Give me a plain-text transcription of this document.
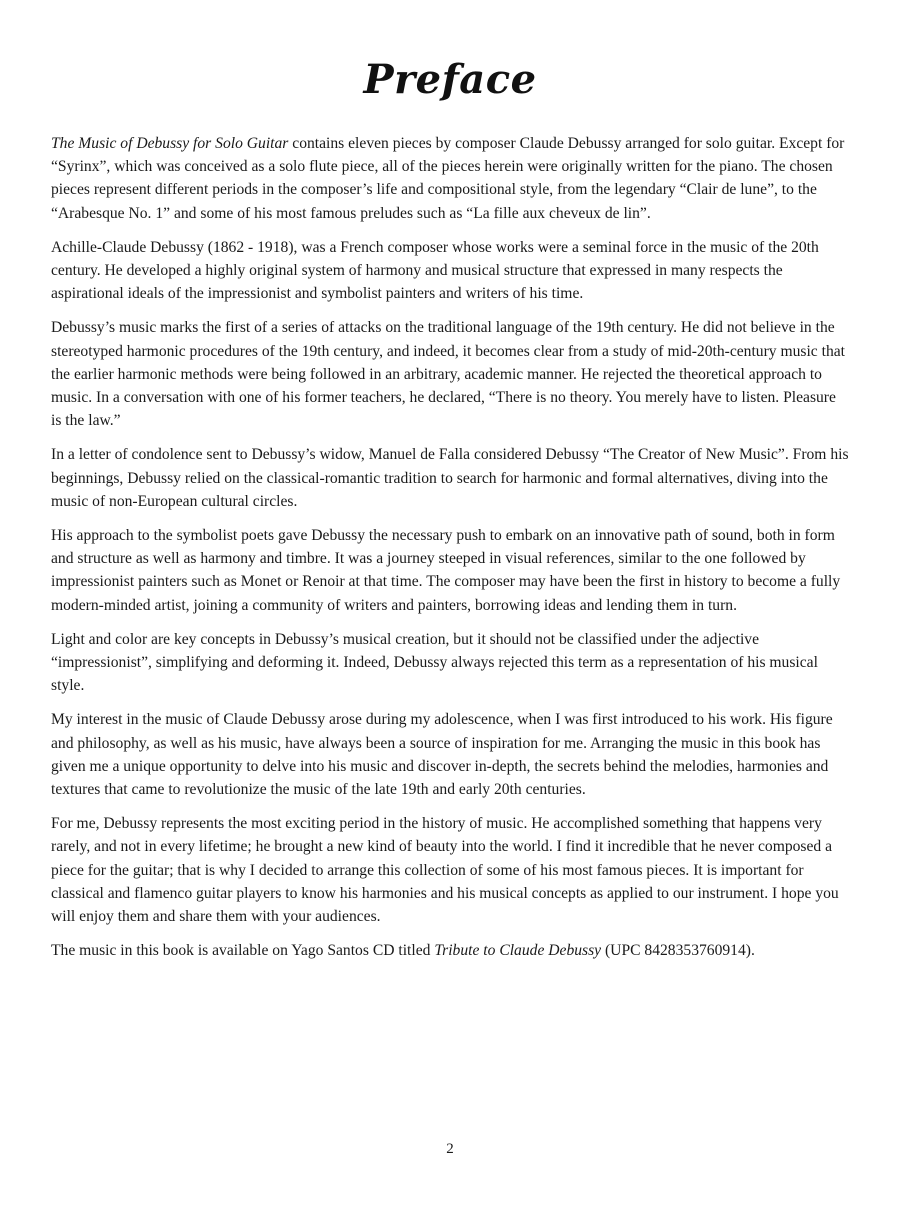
Preface

The Music of Debussy for Solo Guitar contains eleven pieces by composer Claude Debussy arranged for solo guitar. Except for “Syrinx”, which was conceived as a solo flute piece, all of the pieces herein were originally written for the piano. The chosen pieces represent different periods in the composer’s life and compositional style, from the legendary “Clair de lune”, to the “Arabesque No. 1” and some of his most famous preludes such as “La fille aux cheveux de lin”.

Achille-Claude Debussy (1862 - 1918), was a French composer whose works were a seminal force in the music of the 20th century. He developed a highly original system of harmony and musical structure that expressed in many respects the aspirational ideals of the impressionist and symbolist painters and writers of his time.

Debussy’s music marks the first of a series of attacks on the traditional language of the 19th century. He did not believe in the stereotyped harmonic procedures of the 19th century, and indeed, it becomes clear from a study of mid-20th-century music that the earlier harmonic methods were being followed in an arbitrary, academic manner. He rejected the theoretical approach to music. In a conversation with one of his former teachers, he declared, “There is no theory. You merely have to listen. Pleasure is the law.”

In a letter of condolence sent to Debussy’s widow, Manuel de Falla considered Debussy “The Creator of New Music”. From his beginnings, Debussy relied on the classical-romantic tradition to search for harmonic and formal alternatives, diving into the music of non-European cultural circles.

His approach to the symbolist poets gave Debussy the necessary push to embark on an innovative path of sound, both in form and structure as well as harmony and timbre. It was a journey steeped in visual references, similar to the one followed by impressionist painters such as Monet or Renoir at that time. The composer may have been the first in history to become a fully modern-minded artist, joining a community of writers and painters, borrowing ideas and lending them in turn.

Light and color are key concepts in Debussy’s musical creation, but it should not be classified under the adjective “impressionist”, simplifying and deforming it. Indeed, Debussy always rejected this term as a representation of his musical style.

My interest in the music of Claude Debussy arose during my adolescence, when I was first introduced to his work. His figure and philosophy, as well as his music, have always been a source of inspiration for me. Arranging the music in this book has given me a unique opportunity to delve into his music and discover in-depth, the secrets behind the melodies, harmonies and textures that came to revolutionize the music of the late 19th and early 20th centuries.

For me, Debussy represents the most exciting period in the history of music. He accomplished something that happens very rarely, and not in every lifetime; he brought a new kind of beauty into the world. I find it incredible that he never composed a piece for the guitar; that is why I decided to arrange this collection of some of his most famous pieces. It is important for classical and flamenco guitar players to know his harmonies and his musical concepts as applied to our instrument. I hope you will enjoy them and share them with your audiences.

The music in this book is available on Yago Santos CD titled Tribute to Claude Debussy (UPC 8428353760914).

2
